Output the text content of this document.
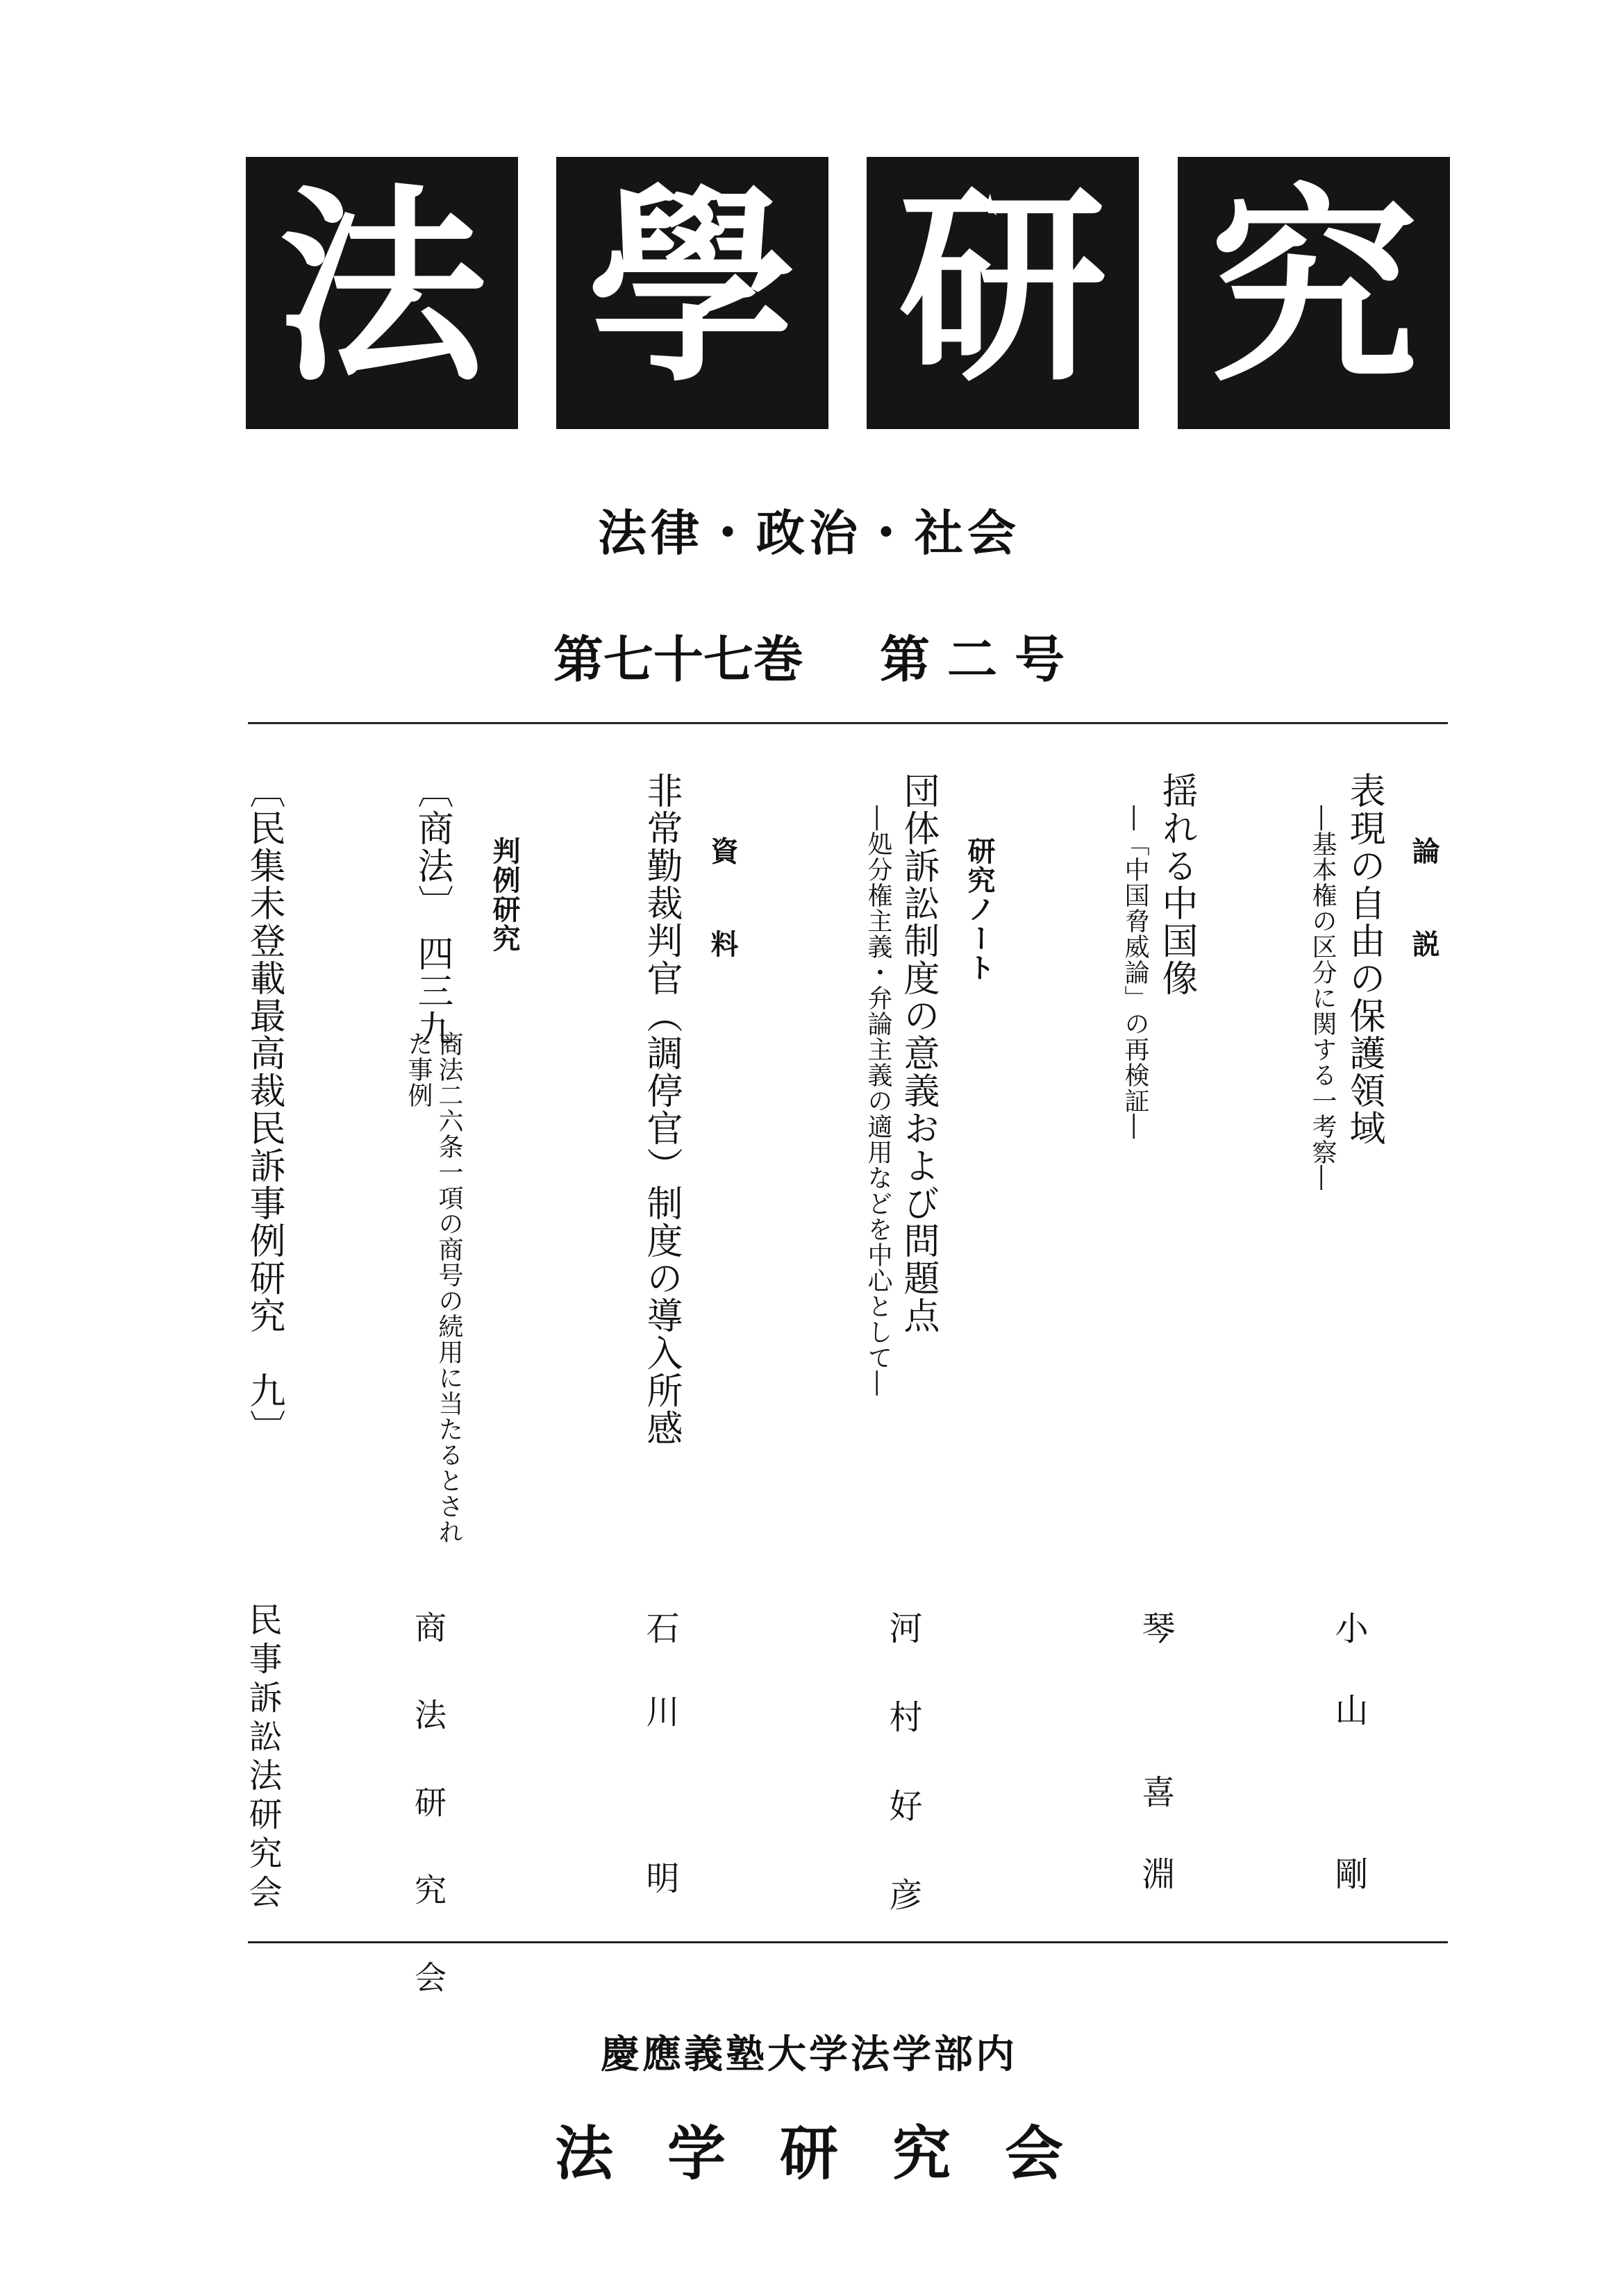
法 學 研 究
法律・政治・社会
第七十七巻 第 二 号
論 説
表現の自由の保護領域
―基本権の区分に関する一考察―
小山　剛
揺れる中国像
―「中国脅威論」の再検証―
琴　喜淵
研究ノート
団体訴訟制度の意義および問題点
―処分権主義・弁論主義の適用などを中心として―
河村好彦
資 料
非常勤裁判官（調停官）制度の導入所感
石川　明
判例研究
〔商法〕 四三九
商法二六条一項の商号の続用に当たるとされ
た事例
商法研究会
〔民集未登載最高裁民訴事例研究　九〕
民事訴訟法研究会
慶應義塾大学法学部内
法学研究会
